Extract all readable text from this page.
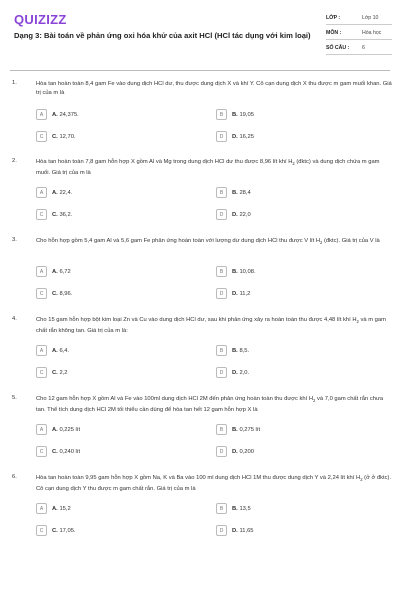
QUIZIZZ
Dạng 3: Bài toán về phản ứng oxi hóa khử của axit HCl (HCl tác dụng với kim loại)
LỚP :	Lớp 10
MÔN :	Hóa học
SỐ CÂU : 6
1.	Hòa tan hoàn toàn 8,4 gam Fe vào dung dịch HCl dư, thu được dung dịch X và khí Y. Cô cạn dung dịch X thu được m gam muối khan. Giá trị của m là
A	A. 24,375.	B	B. 19,05
C	C. 12,70.	D	D. 16,25
2.	Hòa tan hoàn toàn 7,8 gam hỗn hợp X gồm Al và Mg trong dung dịch HCl dư thu được 8,96 lít khí $H_2$ (đktc) và dung dịch chứa m gam muối. Giá trị của m là
A	A. 22,4.	B	B. 28,4
C	C. 36,2.	D	D. 22,0
3.	Cho hỗn hợp gồm 5,4 gam Al và 5,6 gam Fe phản ứng hoàn toàn với lượng dư dung dịch HCl thu được V lít $H_2$ (đktc). Giá trị của V là
A	A. 6,72	B	B. 10,08.
C	C. 8,96.	D	D. 11,2
4.	Cho 15 gam hỗn hợp bột kim loại Zn và Cu vào dung dịch HCl dư, sau khi phản ứng xảy ra hoàn toàn thu được 4,48 lít khí $H_2$ và m gam chất rắn không tan. Giá trị của m là:
A	A. 6,4.	B	B. 8,5.
C	C. 2,2	D	D. 2,0.
5.	Cho 12 gam hỗn hợp X gồm Al và Fe vào 100ml dung dịch HCl 2M đến phản ứng hoàn toàn thu được khí $H_2$ và 7,0 gam chất rắn chưa tan. Thể tích dung dịch HCl 2M tối thiểu cần dùng để hòa tan hết 12 gam hỗn hợp X là
A	A. 0,225 lít	B	B. 0,275 lít
C	C. 0,240 lít	D	D. 0,200
6.	Hòa tan hoàn toàn 9,95 gam hỗn hợp X gồm Na, K và Ba vào 100 ml dung dịch HCl 1M thu được dung dịch Y và 2,24 lít khí $H_2$ (ở ở đktc). Cô cạn dung dịch Y thu được m gam chất rắn. Giá trị của m là
A	A. 15,2	B	B. 13,5
C	C. 17,05.	D	D. 11,65
